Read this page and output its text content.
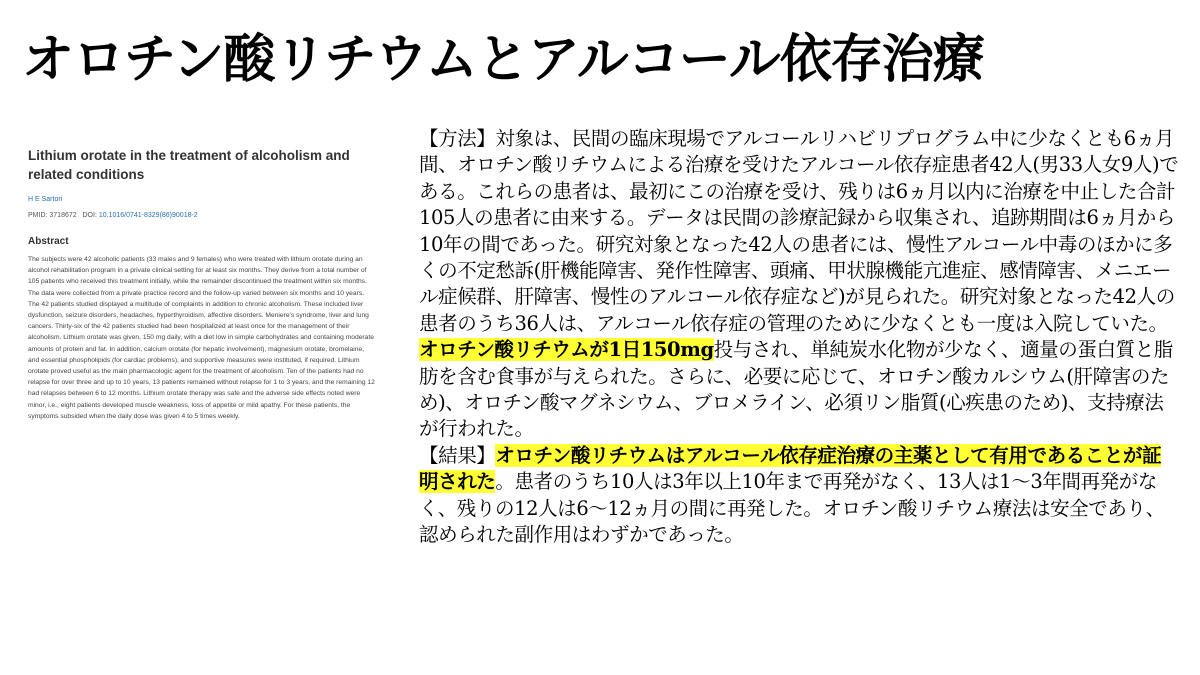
オロチン酸リチウムとアルコール依存治療
Lithium orotate in the treatment of alcoholism and related conditions
H E Sartori
PMID: 3718672 DOI: 10.1016/0741-8329(86)90018-2
Abstract
The subjects were 42 alcoholic patients (33 males and 9 females) who were treated with lithium orotate during an alcohol rehabilitation program in a private clinical setting for at least six months. They derive from a total number of 105 patients who received this treatment initially, while the remainder discontinued the treatment within six months. The data were collected from a private practice record and the follow-up varied between six months and 10 years. The 42 patients studied displayed a multitude of complaints in addition to chronic alcoholism. These included liver dysfunction, seizure disorders, headaches, hyperthyroidism, affective disorders. Meniere's syndrome, liver and lung cancers. Thirty-six of the 42 patients studied had been hospitalized at least once for the management of their alcoholism. Lithium orotate was given, 150 mg daily, with a diet low in simple carbohydrates and containing moderate amounts of protein and fat. In addition, calcium orotate (for hepatic involvement), magnesium orotate, bromelaine, and essential phospholipids (for cardiac problems), and supportive measures were instituted, if required. Lithium orotate proved useful as the main pharmacologic agent for the treatment of alcoholism. Ten of the patients had no relapse for over three and up to 10 years, 13 patients remained without relapse for 1 to 3 years, and the remaining 12 had relapses between 6 to 12 months. Lithium orotate therapy was safe and the adverse side effects noted were minor, i.e., eight patients developed muscle weakness, loss of appetite or mild apathy. For these patients, the symptoms subsided when the daily dose was given 4 to 5 times weekly.
【方法】対象は、民間の臨床現場でアルコールリハビリプログラム中に少なくとも6ヵ月間、オロチン酸リチウムによる治療を受けたアルコール依存症患者42人(男33人女9人)である。これらの患者は、最初にこの治療を受け、残りは6ヵ月以内に治療を中止した合計105人の患者に由来する。データは民間の診療記録から収集され、追跡期間は6ヵ月から10年の間であった。研究対象となった42人の患者には、慢性アルコール中毒のほかに多くの不定愁訴(肝機能障害、発作性障害、頭痛、甲状腺機能亢進症、感情障害、メニエール症候群、肝障害、慢性のアルコール依存症など)が見られた。研究対象となった42人の患者のうち36人は、アルコール依存症の管理のために少なくとも一度は入院していた。オロチン酸リチウムが1日150mg投与され、単純炭水化物が少なく、適量の蛋白質と脂肪を含む食事が与えられた。さらに、必要に応じて、オロチン酸カルシウム(肝障害のため)、オロチン酸マグネシウム、ブロメライン、必須リン脂質(心疾患のため)、支持療法が行われた。
【結果】オロチン酸リチウムはアルコール依存症治療の主薬として有用であることが証明された。患者のうち10人は3年以上10年まで再発がなく、13人は1～3年間再発がなく、残りの12人は6～12ヵ月の間に再発した。オロチン酸リチウム療法は安全であり、認められた副作用はわずかであった。
